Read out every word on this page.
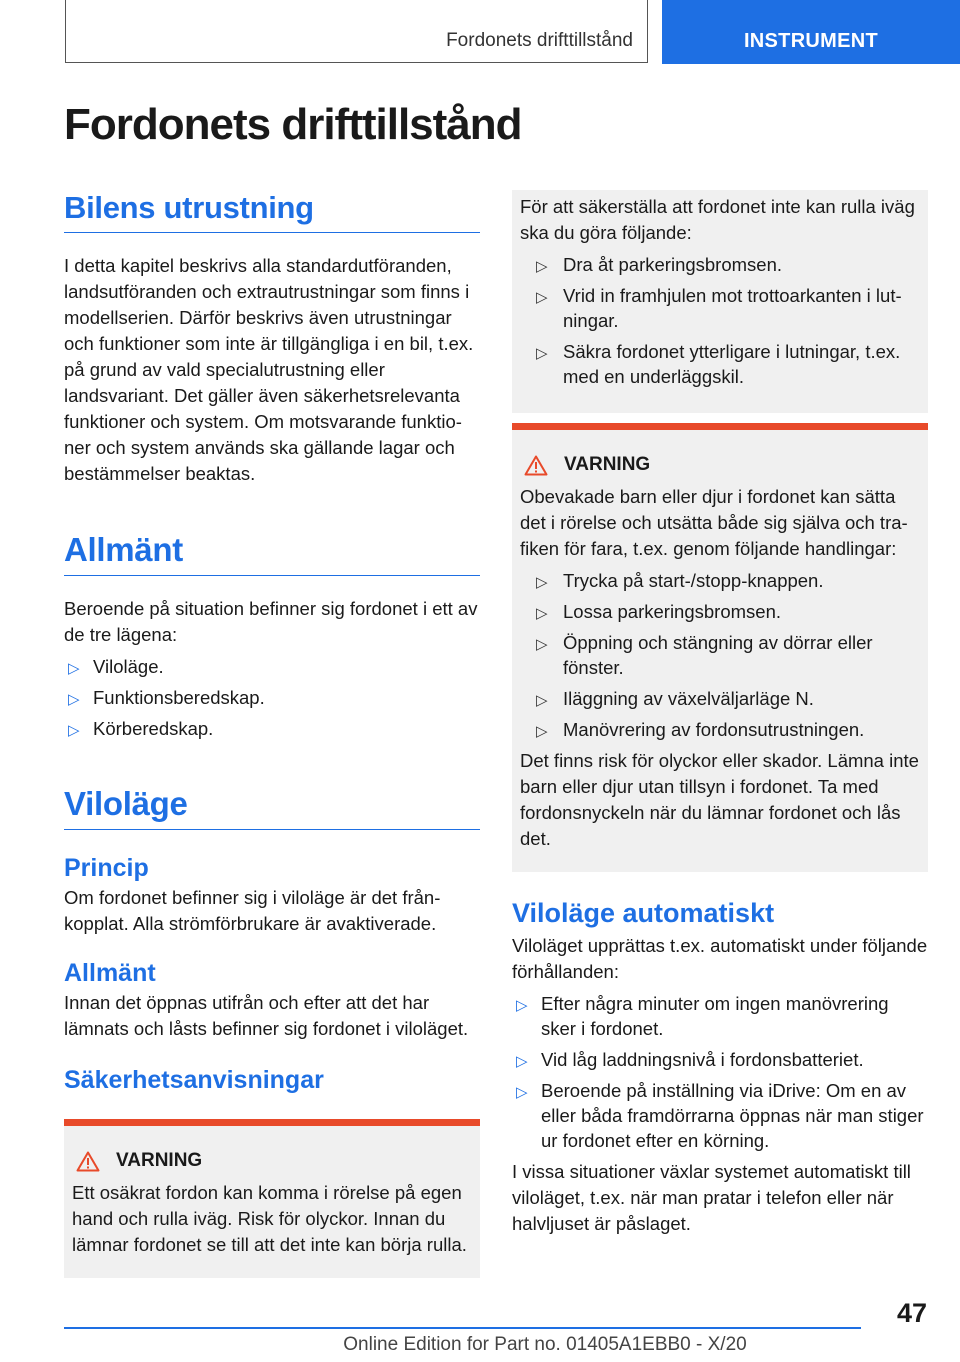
Fordonets drifttillstånd	INSTRUMENT
Fordonets drifttillstånd
Bilens utrustning

I detta kapitel beskrivs alla standardutföranden, landsutföranden och extrautrustningar som finns i modellserien. Därför beskrivs även utrustningar och funktioner som inte är tillgängliga i en bil, t.ex. på grund av vald specialutrustning eller landsvariant. Det gäller även säkerhetsrelevanta funktioner och system. Om motsvarande funktioner och system används ska gällande lagar och bestämmelser beaktas.

Allmänt

Beroende på situation befinner sig fordonet i ett av de tre lägena:

▷ Viloläge.
▷ Funktionsberedskap.
▷ Körberedskap.
Viloläge
Princip

Om fordonet befinner sig i viloläge är det frånkopplat. Alla strömförbrukare är avaktiverade.

Allmänt

Innan det öppnas utifrån och efter att det har lämnats och låsts befinner sig fordonet i viloläget.

Säkerhetsanvisningar
VARNING

Ett osäkrat fordon kan komma i rörelse på egen hand och rulla iväg. Risk för olyckor. Innan du lämnar fordonet se till att det inte kan börja rulla.

För att säkerställa att fordonet inte kan rulla iväg ska du göra följande:

▷ Dra åt parkeringsbromsen.
▷ Vrid in framhjulen mot trottoarkanten i lutningar.
▷ Säkra fordonet ytterligare i lutningar, t.ex. med en underläggskil.
VARNING

Obevakade barn eller djur i fordonet kan sätta det i rörelse och utsätta både sig själva och trafiken för fara, t.ex. genom följande handlingar:

▷ Trycka på start-/stopp-knappen.
▷ Lossa parkeringsbromsen.
▷ Öppning och stängning av dörrar eller fönster.
▷ Iläggning av växelväljarläge N.
▷ Manövrering av fordonsutrustningen.

Det finns risk för olyckor eller skador. Lämna inte barn eller djur utan tillsyn i fordonet. Ta med fordonsnyckeln när du lämnar fordonet och lås det.

Viloläge automatiskt

Viloläget upprättas t.ex. automatiskt under följande förhållanden:

▷ Efter några minuter om ingen manövrering sker i fordonet.
▷ Vid låg laddningsnivå i fordonsbatteriet.
▷ Beroende på inställning via iDrive: Om en av eller båda framdörrarna öppnas när man stiger ur fordonet efter en körning.

I vissa situationer växlar systemet automatiskt till viloläget, t.ex. när man pratar i telefon eller när halvljuset är påslaget.

47
Online Edition for Part no. 01405A1EBB0 - X/20
